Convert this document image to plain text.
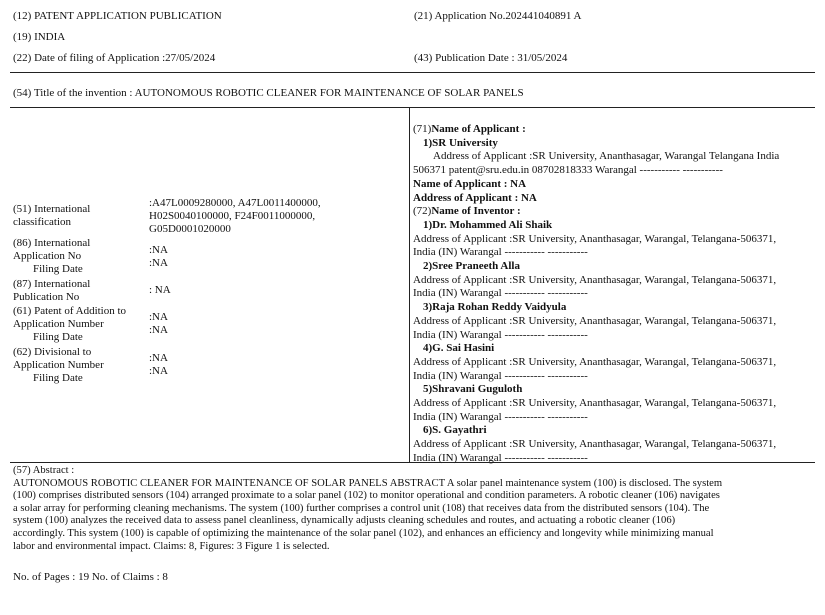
(12) PATENT APPLICATION PUBLICATION
(19) INDIA
(22) Date of filing of Application :27/05/2024
(21) Application No.202441040891 A
(43) Publication Date : 31/05/2024
(54) Title of the invention : AUTONOMOUS ROBOTIC CLEANER FOR MAINTENANCE OF SOLAR PANELS
(51) International
classification
:A47L0009280000, A47L0011400000,
H02S0040100000, F24F0011000000,
G05D0001020000
(86) International
Application No
Filing Date
:NA
:NA
(87) International
Publication No
: NA
(61) Patent of Addition to
Application Number
Filing Date
:NA
:NA
(62) Divisional to
Application Number
Filing Date
:NA
:NA
(71)Name of Applicant :
1)SR University
Address of Applicant :SR University, Ananthasagar, Warangal Telangana India
506371 patent@sru.edu.in 08702818333 Warangal ----------- -----------
Name of Applicant : NA
Address of Applicant : NA
(72)Name of Inventor :
1)Dr. Mohammed Ali Shaik
Address of Applicant :SR University, Ananthasagar, Warangal, Telangana-506371,
India (IN) Warangal ----------- -----------
2)Sree Praneeth Alla
Address of Applicant :SR University, Ananthasagar, Warangal, Telangana-506371,
India (IN) Warangal ----------- -----------
3)Raja Rohan Reddy Vaidyula
Address of Applicant :SR University, Ananthasagar, Warangal, Telangana-506371,
India (IN) Warangal ----------- -----------
4)G. Sai Hasini
Address of Applicant :SR University, Ananthasagar, Warangal, Telangana-506371,
India (IN) Warangal ----------- -----------
5)Shravani Guguloth
Address of Applicant :SR University, Ananthasagar, Warangal, Telangana-506371,
India (IN) Warangal ----------- -----------
6)S. Gayathri
Address of Applicant :SR University, Ananthasagar, Warangal, Telangana-506371,
India (IN) Warangal ----------- -----------
(57) Abstract :
AUTONOMOUS ROBOTIC CLEANER FOR MAINTENANCE OF SOLAR PANELS ABSTRACT A solar panel maintenance system (100) is disclosed. The system
(100) comprises distributed sensors (104) arranged proximate to a solar panel (102) to monitor operational and condition parameters. A robotic cleaner (106) navigates
a solar array for performing cleaning mechanisms. The system (100) further comprises a control unit (108) that receives data from the distributed sensors (104). The
system (100) analyzes the received data to assess panel cleanliness, dynamically adjusts cleaning schedules and routes, and actuating a robotic cleaner (106)
accordingly. This system (100) is capable of optimizing the maintenance of the solar panel (102), and enhances an efficiency and longevity while minimizing manual
labor and environmental impact. Claims: 8, Figures: 3 Figure 1 is selected.
No. of Pages : 19 No. of Claims : 8
